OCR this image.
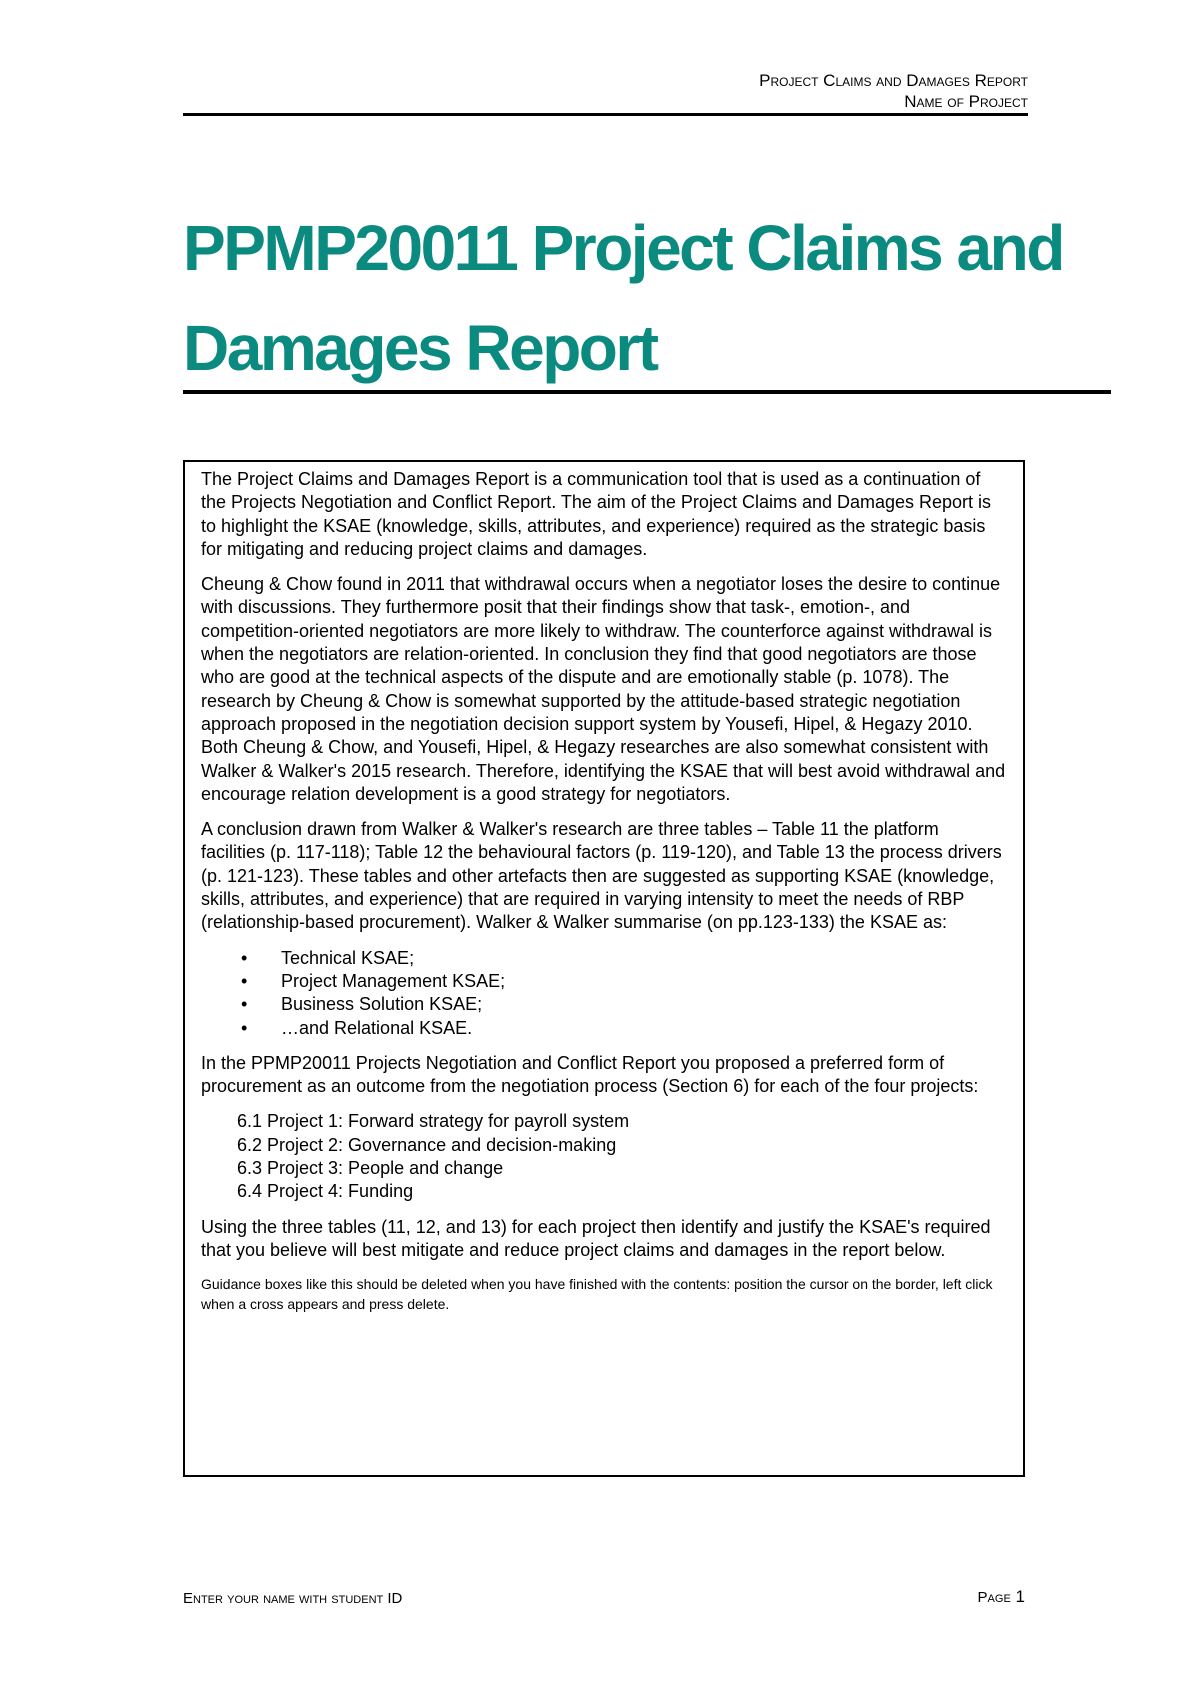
Project Claims and Damages Report
Name of Project
PPMP20011 Project Claims and
Damages Report

The Project Claims and Damages Report is a communication tool that is used as a continuation of the Projects Negotiation and Conflict Report. The aim of the Project Claims and Damages Report is to highlight the KSAE (knowledge, skills, attributes, and experience) required as the strategic basis for mitigating and reducing project claims and damages.

Cheung & Chow found in 2011 that withdrawal occurs when a negotiator loses the desire to continue with discussions. They furthermore posit that their findings show that task-, emotion-, and competition-oriented negotiators are more likely to withdraw. The counterforce against withdrawal is when the negotiators are relation-oriented. In conclusion they find that good negotiators are those who are good at the technical aspects of the dispute and are emotionally stable (p. 1078). The research by Cheung & Chow is somewhat supported by the attitude-based strategic negotiation approach proposed in the negotiation decision support system by Yousefi, Hipel, & Hegazy 2010. Both Cheung & Chow, and Yousefi, Hipel, & Hegazy researches are also somewhat consistent with Walker & Walker's 2015 research. Therefore, identifying the KSAE that will best avoid withdrawal and encourage relation development is a good strategy for negotiators.

A conclusion drawn from Walker & Walker's research are three tables – Table 11 the platform facilities (p. 117-118); Table 12 the behavioural factors (p. 119-120), and Table 13 the process drivers (p. 121-123). These tables and other artefacts then are suggested as supporting KSAE (knowledge, skills, attributes, and experience) that are required in varying intensity to meet the needs of RBP (relationship-based procurement). Walker & Walker summarise (on pp.123-133) the KSAE as:

• Technical KSAE;
• Project Management KSAE;
• Business Solution KSAE;
• …and Relational KSAE.

In the PPMP20011 Projects Negotiation and Conflict Report you proposed a preferred form of procurement as an outcome from the negotiation process (Section 6) for each of the four projects:

6.1 Project 1: Forward strategy for payroll system
6.2 Project 2: Governance and decision-making
6.3 Project 3: People and change
6.4 Project 4: Funding

Using the three tables (11, 12, and 13) for each project then identify and justify the KSAE's required that you believe will best mitigate and reduce project claims and damages in the report below.

Guidance boxes like this should be deleted when you have finished with the contents: position the cursor on the border, left click when a cross appears and press delete.

Enter your name with student ID	Page 1
